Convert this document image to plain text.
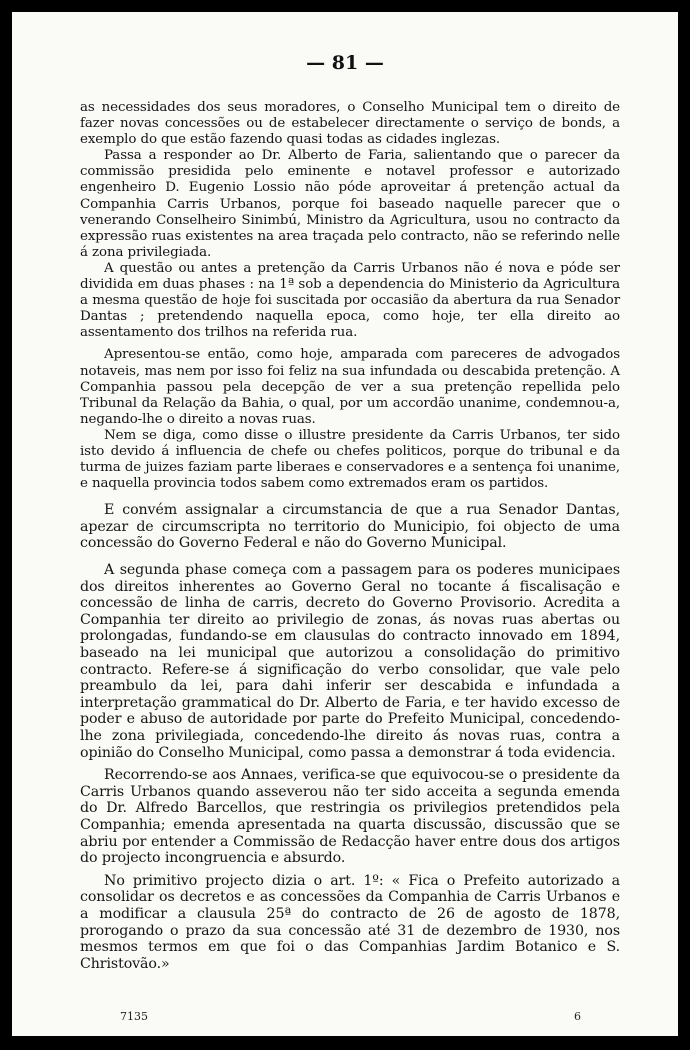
— 81 —

as necessidades dos seus moradores, o Conselho Municipal tem o direito de fazer novas concessões ou de estabelecer directamente o serviço de bonds, a exemplo do que estão fazendo quasi todas as cidades inglezas.

Passa a responder ao Dr. Alberto de Faria, salientando que o parecer da commissão presidida pelo eminente e notavel professor e autorizado engenheiro D. Eugenio Lossio não póde aproveitar á pretenção actual da Companhia Carris Urbanos, porque foi baseado naquelle parecer que o venerando Conselheiro Sinimbú, Ministro da Agricultura, usou no contracto da expressão ruas existentes na area traçada pelo contracto, não se referindo nelle á zona privilegiada.

A questão ou antes a pretenção da Carris Urbanos não é nova e póde ser dividida em duas phases : na 1ª sob a dependencia do Ministerio da Agricultura a mesma questão de hoje foi suscitada por occasião da abertura da rua Senador Dantas ; pretendendo naquella epoca, como hoje, ter ella direito ao assentamento dos trilhos na referida rua.

Apresentou-se então, como hoje, amparada com pareceres de advogados notaveis, mas nem por isso foi feliz na sua infundada ou descabida pretenção. A Companhia passou pela decepção de ver a sua pretenção repellida pelo Tribunal da Relação da Bahia, o qual, por um accordão unanime, condemnou-a, negando-lhe o direito a novas ruas.

Nem se diga, como disse o illustre presidente da Carris Urbanos, ter sido isto devido á influencia de chefe ou chefes politicos, porque do tribunal e da turma de juizes faziam parte liberaes e conservadores e a sentença foi unanime, e naquella provincia todos sabem como extremados eram os partidos.

E convém assignalar a circumstancia de que a rua Senador Dantas, apezar de circumscripta no territorio do Municipio, foi objecto de uma concessão do Governo Federal e não do Governo Municipal.

A segunda phase começa com a passagem para os poderes municipaes dos direitos inherentes ao Governo Geral no tocante á fiscalisação e concessão de linha de carris, decreto do Governo Provisorio. Acredita a Companhia ter direito ao privilegio de zonas, ás novas ruas abertas ou prolongadas, fundando-se em clausulas do contracto innovado em 1894, baseado na lei municipal que autorizou a consolidação do primitivo contracto. Refere-se á significação do verbo consolidar, que vale pelo preambulo da lei, para dahi inferir ser descabida e infundada a interpretação grammatical do Dr. Alberto de Faria, e ter havido excesso de poder e abuso de autoridade por parte do Prefeito Municipal, concedendo-lhe zona privilegiada, concedendo-lhe direito ás novas ruas, contra a opinião do Conselho Municipal, como passa a demonstrar á toda evidencia.

Recorrendo-se aos Annaes, verifica-se que equivocou-se o presidente da Carris Urbanos quando asseverou não ter sido acceita a segunda emenda do Dr. Alfredo Barcellos, que restringia os privilegios pretendidos pela Companhia; emenda apresentada na quarta discussão, discussão que se abriu por entender a Commissão de Redacção haver entre dous dos artigos do projecto incongruencia e absurdo.

No primitivo projecto dizia o art. 1º: « Fica o Prefeito autorizado a consolidar os decretos e as concessões da Companhia de Carris Urbanos e a modificar a clausula 25ª do contracto de 26 de agosto de 1878, prorogando o prazo da sua concessão até 31 de dezembro de 1930, nos mesmos termos em que foi o das Companhias Jardim Botanico e S. Christovão.»

7135	6
